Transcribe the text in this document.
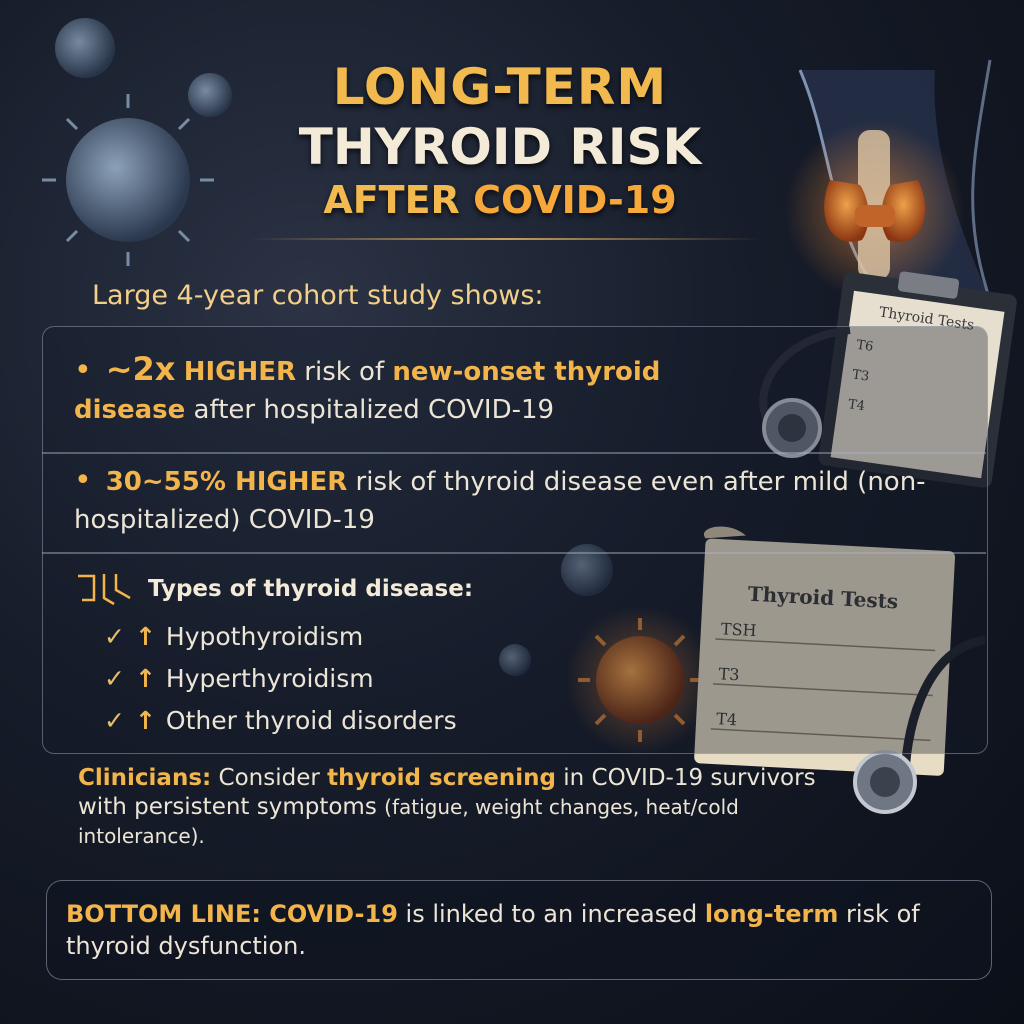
Thyroid Tests
T6
T3
T4
Thyroid Tests
TSH
T3
T4
LONG-TERM
THYROID RISK
AFTER COVID-19
Large 4-year cohort study shows:
• ~2x HIGHER risk of new-onset thyroid disease after hospitalized COVID-19
• 30~55% HIGHER risk of thyroid disease even after mild (non-hospitalized) COVID-19
Types of thyroid disease:
✓ ↑ Hypothyroidism
✓ ↑ Hyperthyroidism
✓ ↑ Other thyroid disorders
Clinicians: Consider thyroid screening in COVID-19 survivors with persistent symptoms (fatigue, weight changes, heat/cold intolerance).
BOTTOM LINE: COVID-19 is linked to an increased long-term risk of thyroid dysfunction.
